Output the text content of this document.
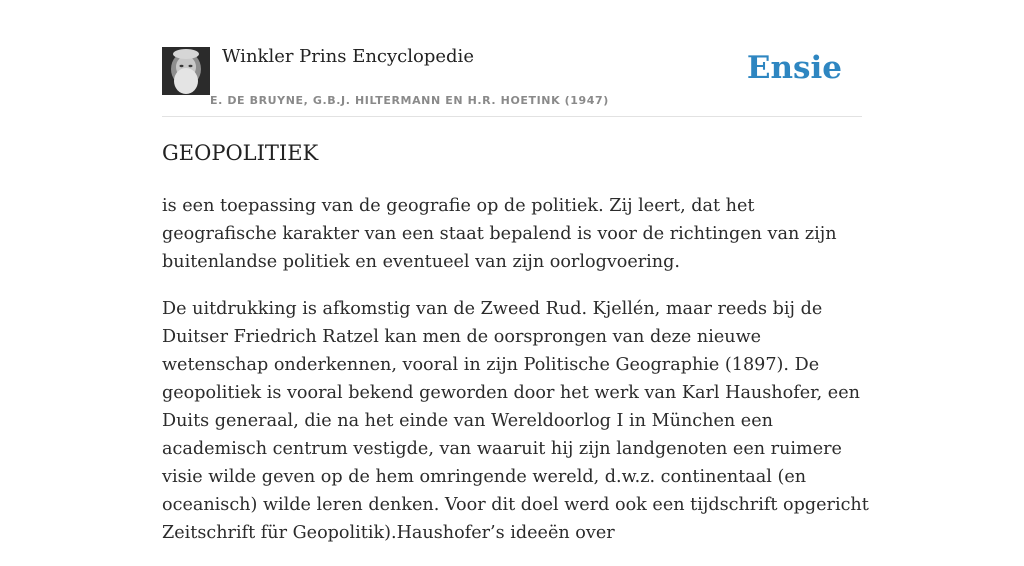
Winkler Prins Encyclopedie
E. DE BRUYNE, G.B.J. HILTERMANN EN H.R. HOETINK (1947)
Ensie
GEOPOLITIEK

is een toepassing van de geografie op de politiek. Zij leert, dat het geografische karakter van een staat bepalend is voor de richtingen van zijn buitenlandse politiek en eventueel van zijn oorlogvoering.

De uitdrukking is afkomstig van de Zweed Rud. Kjellén, maar reeds bij de Duitser Friedrich Ratzel kan men de oorsprongen van deze nieuwe wetenschap onderkennen, vooral in zijn Politische Geographie (1897). De geopolitiek is vooral bekend geworden door het werk van Karl Haushofer, een Duits generaal, die na het einde van Wereldoorlog I in München een academisch centrum vestigde, van waaruit hij zijn landgenoten een ruimere visie wilde geven op de hem omringende wereld, d.w.z. continentaal (en oceanisch) wilde leren denken. Voor dit doel werd ook een tijdschrift opgericht Zeitschrift für Geopolitik).Haushofer’s ideeën over
